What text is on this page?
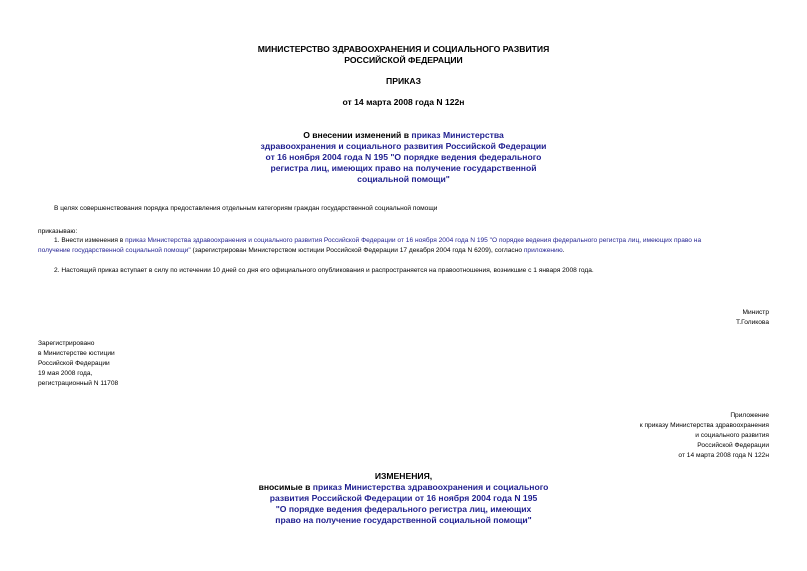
МИНИСТЕРСТВО ЗДРАВООХРАНЕНИЯ И СОЦИАЛЬНОГО РАЗВИТИЯ
РОССИЙСКОЙ ФЕДЕРАЦИИ
ПРИКАЗ
от 14 марта 2008 года N 122н
О внесении изменений в приказ Министерства
здравоохранения и социального развития Российской Федерации
от 16 ноября 2004 года N 195 "О порядке ведения федерального
регистра лиц, имеющих право на получение государственной
социальной помощи"
В целях совершенствования порядка предоставления отдельным категориям граждан государственной социальной помощи
приказываю:
1. Внести изменения в приказ Министерства здравоохранения и социального развития Российской Федерации от 16 ноября 2004 года N 195 "О порядке ведения федерального регистра лиц, имеющих право на
получение государственной социальной помощи" (зарегистрирован Министерством юстиции Российской Федерации 17 декабря 2004 года N 6209), согласно приложению.
2. Настоящий приказ вступает в силу по истечении 10 дней со дня его официального опубликования и распространяется на правоотношения, возникшие с 1 января 2008 года.
Министр
Т.Голикова
Зарегистрировано
в Министерстве юстиции
Российской Федерации
19 мая 2008 года,
регистрационный N 11708
Приложение
к приказу Министерства здравоохранения
и социального развития
Российской Федерации
от 14 марта 2008 года N 122н
ИЗМЕНЕНИЯ,
вносимые в приказ Министерства здравоохранения и социального
развития Российской Федерации от 16 ноября 2004 года N 195
"О порядке ведения федерального регистра лиц, имеющих
право на получение государственной социальной помощи"
